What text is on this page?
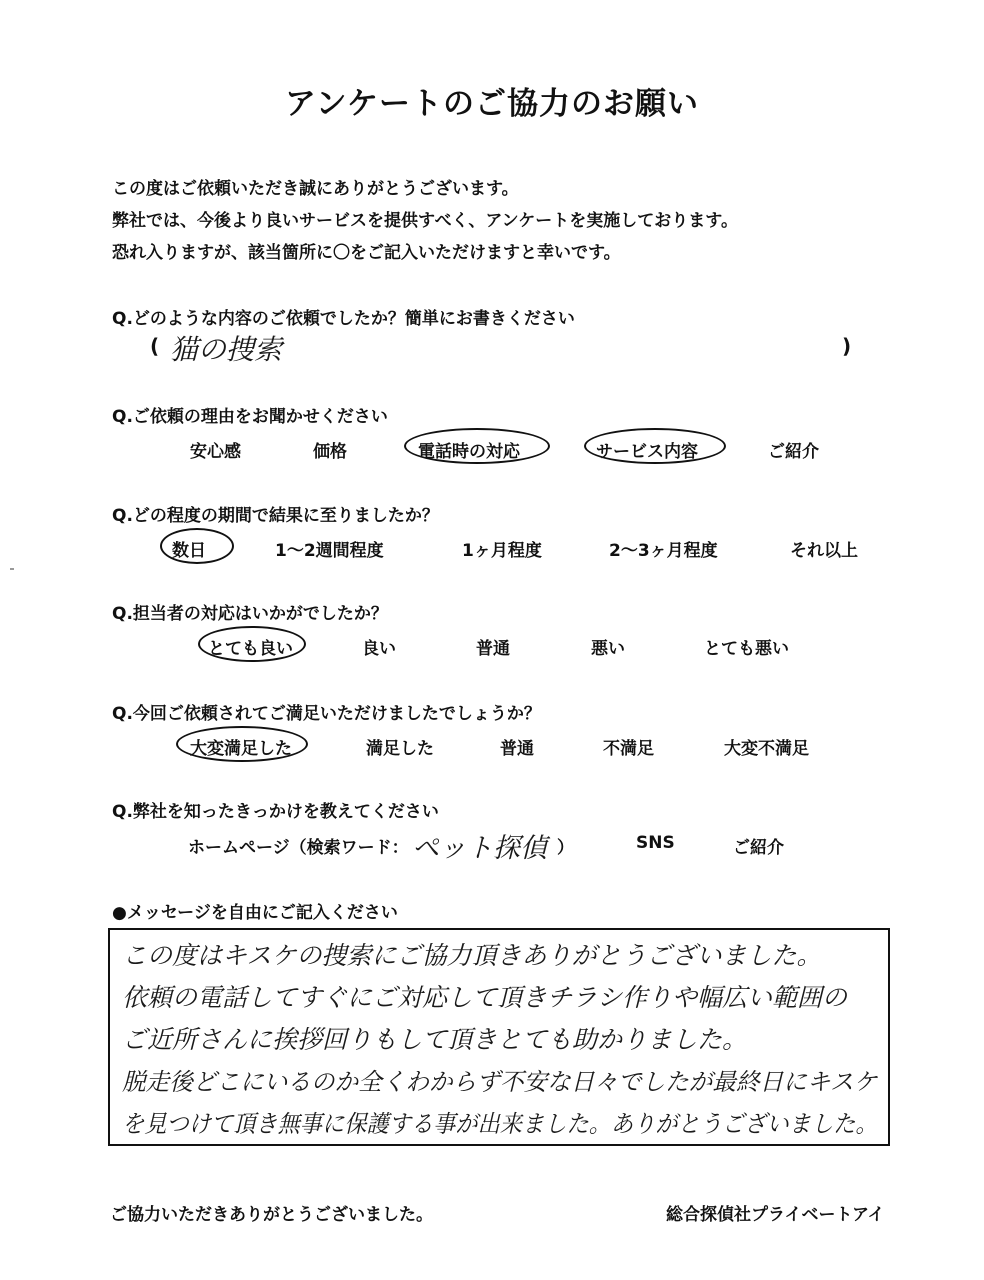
アンケートのご協力のお願い
この度はご依頼いただき誠にありがとうございます。
弊社では、今後より良いサービスを提供すべく、アンケートを実施しております。
恐れ入りますが、該当箇所に〇をご記入いただけますと幸いです。
Q.どのような内容のご依頼でしたか？簡単にお書きください
( 猫の捜索	)
Q.ご依頼の理由をお聞かせください
安心感	価格	電話時の対応	サービス内容	ご紹介
Q.どの程度の期間で結果に至りましたか？
数日	1～2週間程度	1ヶ月程度	2～3ヶ月程度	それ以上
Q.担当者の対応はいかがでしたか？
とても良い	良い	普通	悪い	とても悪い
Q.今回ご依頼されてご満足いただけましたでしょうか？
大変満足した	満足した	普通	不満足	大変不満足
Q.弊社を知ったきっかけを教えてください
ホームページ（検索ワード： ペット探偵 ）	SNS	ご紹介
●メッセージを自由にご記入ください
この度はキスケの捜索にご協力頂きありがとうございました。
依頼の電話してすぐにご対応して頂きチラシ作りや幅広い範囲の
ご近所さんに挨拶回りもして頂きとても助かりました。
脱走後どこにいるのか全くわからず不安な日々でしたが最終日にキスケ
を見つけて頂き無事に保護する事が出来ました。ありがとうございました。
ご協力いただきありがとうございました。	総合探偵社プライベートアイ
